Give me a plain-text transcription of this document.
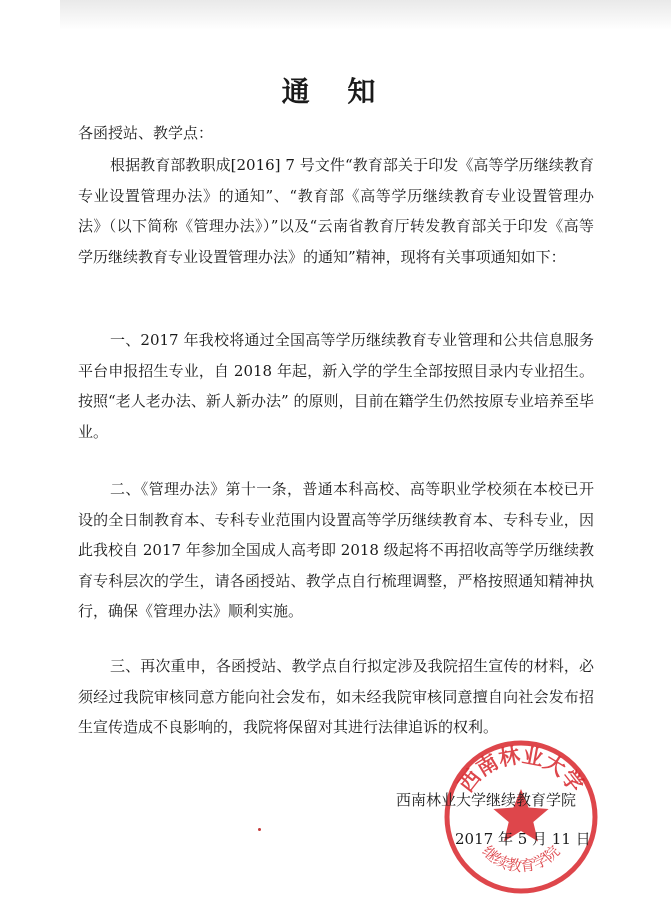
通 知
各函授站、教学点：

根据教育部教职成[2016] 7 号文件“教育部关于印发《高等学历继续教育专业设置管理办法》的通知”、“教育部《高等学历继续教育专业设置管理办法》（以下简称《管理办法》）”以及“云南省教育厅转发教育部关于印发《高等学历继续教育专业设置管理办法》的通知”精神，现将有关事项通知如下：

一、2017 年我校将通过全国高等学历继续教育专业管理和公共信息服务平台申报招生专业，自 2018 年起，新入学的学生全部按照目录内专业招生。按照“老人老办法、新人新办法” 的原则，目前在籍学生仍然按原专业培养至毕业。

二、《管理办法》第十一条，普通本科高校、高等职业学校须在本校已开设的全日制教育本、专科专业范围内设置高等学历继续教育本、专科专业，因此我校自 2017 年参加全国成人高考即 2018 级起将不再招收高等学历继续教育专科层次的学生，请各函授站、教学点自行梳理调整，严格按照通知精神执行，确保《管理办法》顺利实施。

三、再次重申，各函授站、教学点自行拟定涉及我院招生宣传的材料，必须经过我院审核同意方能向社会发布，如未经我院审核同意擅自向社会发布招生宣传造成不良影响的，我院将保留对其进行法律追诉的权利。

西南林业大学
继续教育学院
西南林业大学继续教育学院
2017 年 5 月 11 日
